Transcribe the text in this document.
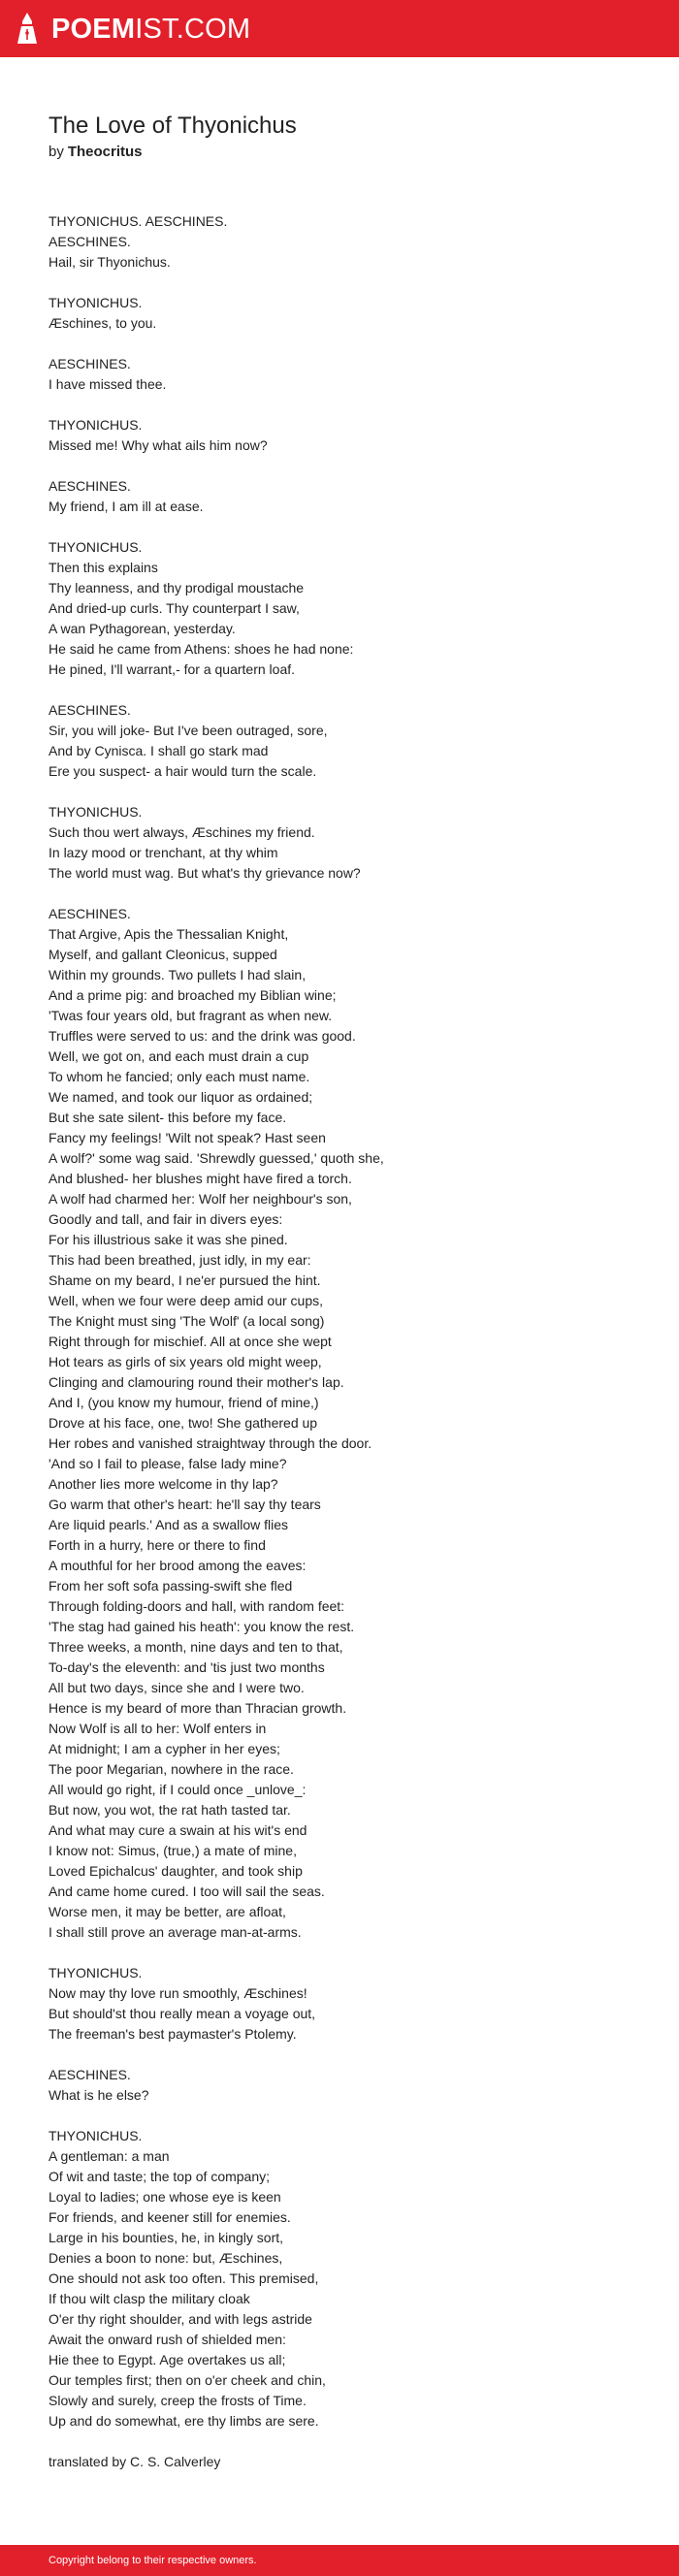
POEMIST.COM
The Love of Thyonichus
by Theocritus
THYONICHUS. AESCHINES.
AESCHINES.
Hail, sir Thyonichus.
THYONICHUS.
Æschines, to you.
AESCHINES.
I have missed thee.
THYONICHUS.
Missed me! Why what ails him now?
AESCHINES.
My friend, I am ill at ease.
THYONICHUS.
Then this explains
Thy leanness, and thy prodigal moustache
And dried-up curls. Thy counterpart I saw,
A wan Pythagorean, yesterday.
He said he came from Athens: shoes he had none:
He pined, I'll warrant,- for a quartern loaf.
AESCHINES.
Sir, you will joke- But I've been outraged, sore,
And by Cynisca. I shall go stark mad
Ere you suspect- a hair would turn the scale.
THYONICHUS.
Such thou wert always, Æschines my friend.
In lazy mood or trenchant, at thy whim
The world must wag. But what's thy grievance now?
AESCHINES.
That Argive, Apis the Thessalian Knight,
Myself, and gallant Cleonicus, supped
Within my grounds. Two pullets I had slain,
And a prime pig: and broached my Biblian wine;
'Twas four years old, but fragrant as when new.
Truffles were served to us: and the drink was good.
Well, we got on, and each must drain a cup
To whom he fancied; only each must name.
We named, and took our liquor as ordained;
But she sate silent- this before my face.
Fancy my feelings! 'Wilt not speak? Hast seen
A wolf?' some wag said. 'Shrewdly guessed,' quoth she,
And blushed- her blushes might have fired a torch.
A wolf had charmed her: Wolf her neighbour's son,
Goodly and tall, and fair in divers eyes:
For his illustrious sake it was she pined.
This had been breathed, just idly, in my ear:
Shame on my beard, I ne'er pursued the hint.
Well, when we four were deep amid our cups,
The Knight must sing 'The Wolf' (a local song)
Right through for mischief. All at once she wept
Hot tears as girls of six years old might weep,
Clinging and clamouring round their mother's lap.
And I, (you know my humour, friend of mine,)
Drove at his face, one, two! She gathered up
Her robes and vanished straightway through the door.
'And so I fail to please, false lady mine?
Another lies more welcome in thy lap?
Go warm that other's heart: he'll say thy tears
Are liquid pearls.' And as a swallow flies
Forth in a hurry, here or there to find
A mouthful for her brood among the eaves:
From her soft sofa passing-swift she fled
Through folding-doors and hall, with random feet:
'The stag had gained his heath': you know the rest.
Three weeks, a month, nine days and ten to that,
To-day's the eleventh: and 'tis just two months
All but two days, since she and I were two.
Hence is my beard of more than Thracian growth.
Now Wolf is all to her: Wolf enters in
At midnight; I am a cypher in her eyes;
The poor Megarian, nowhere in the race.
All would go right, if I could once _unlove_:
But now, you wot, the rat hath tasted tar.
And what may cure a swain at his wit's end
I know not: Simus, (true,) a mate of mine,
Loved Epichalcus' daughter, and took ship
And came home cured. I too will sail the seas.
Worse men, it may be better, are afloat,
I shall still prove an average man-at-arms.
THYONICHUS.
Now may thy love run smoothly, Æschines!
But should'st thou really mean a voyage out,
The freeman's best paymaster's Ptolemy.
AESCHINES.
What is he else?
THYONICHUS.
A gentleman: a man
Of wit and taste; the top of company;
Loyal to ladies; one whose eye is keen
For friends, and keener still for enemies.
Large in his bounties, he, in kingly sort,
Denies a boon to none: but, Æschines,
One should not ask too often. This premised,
If thou wilt clasp the military cloak
O'er thy right shoulder, and with legs astride
Await the onward rush of shielded men:
Hie thee to Egypt. Age overtakes us all;
Our temples first; then on o'er cheek and chin,
Slowly and surely, creep the frosts of Time.
Up and do somewhat, ere thy limbs are sere.
translated by C. S. Calverley
Copyright belong to their respective owners.
